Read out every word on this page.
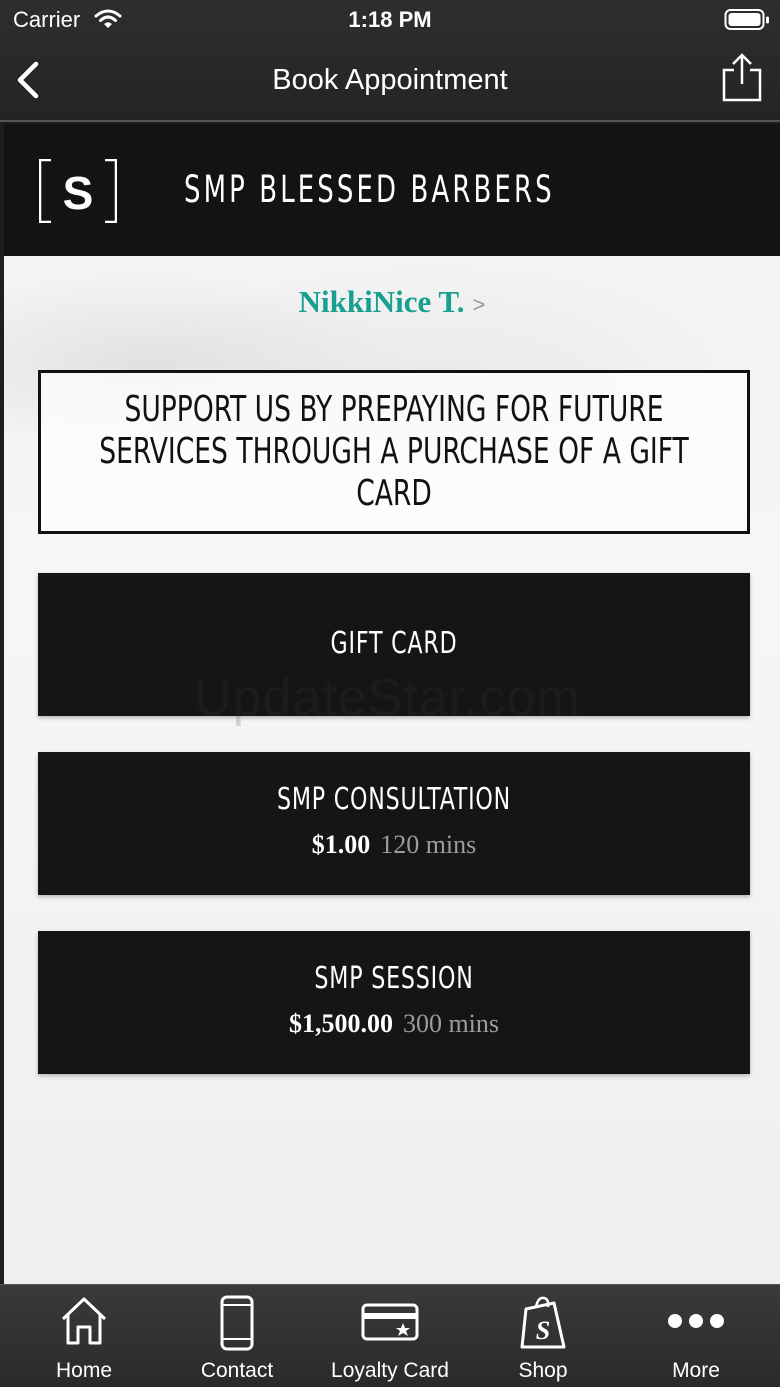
Carrier	1:18 PM
Book Appointment
S SMP BLESSED BARBERS
NikkiNice T. >
SUPPORT US BY PREPAYING FOR FUTURE SERVICES THROUGH A PURCHASE OF A GIFT CARD
GIFT CARD
SMP CONSULTATION
$1.00 120 mins
SMP SESSION
$1,500.00 300 mins
Home	Contact	Loyalty Card
S
Shop	More
